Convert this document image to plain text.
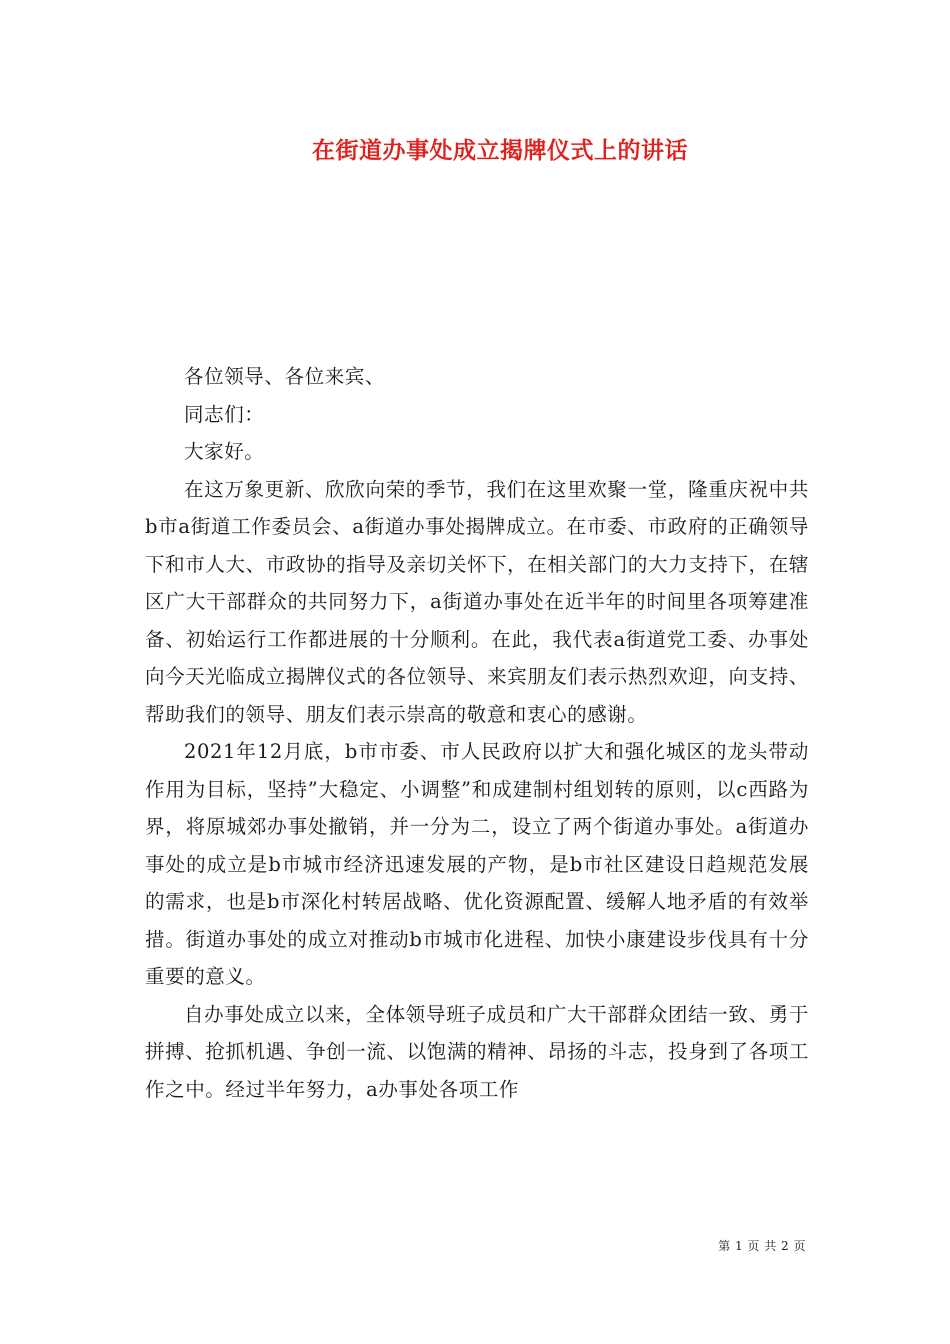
在街道办事处成立揭牌仪式上的讲话

各位领导、各位来宾、

同志们：

大家好。

在这万象更新、欣欣向荣的季节，我们在这里欢聚一堂，隆重庆祝中共b市a街道工作委员会、a街道办事处揭牌成立。在市委、市政府的正确领导下和市人大、市政协的指导及亲切关怀下，在相关部门的大力支持下，在辖区广大干部群众的共同努力下，a街道办事处在近半年的时间里各项筹建准备、初始运行工作都进展的十分顺利。在此，我代表a街道党工委、办事处向今天光临成立揭牌仪式的各位领导、来宾朋友们表示热烈欢迎，向支持、帮助我们的领导、朋友们表示崇高的敬意和衷心的感谢。

2021年12月底，b市市委、市人民政府以扩大和强化城区的龙头带动作用为目标，坚持”大稳定、小调整”和成建制村组划转的原则，以c西路为界，将原城郊办事处撤销，并一分为二，设立了两个街道办事处。a街道办事处的成立是b市城市经济迅速发展的产物，是b市社区建设日趋规范发展的需求，也是b市深化村转居战略、优化资源配置、缓解人地矛盾的有效举措。街道办事处的成立对推动b市城市化进程、加快小康建设步伐具有十分重要的意义。

自办事处成立以来，全体领导班子成员和广大干部群众团结一致、勇于拼搏、抢抓机遇、争创一流、以饱满的精神、昂扬的斗志，投身到了各项工作之中。经过半年努力，a办事处各项工作

第 1 页 共 2 页
